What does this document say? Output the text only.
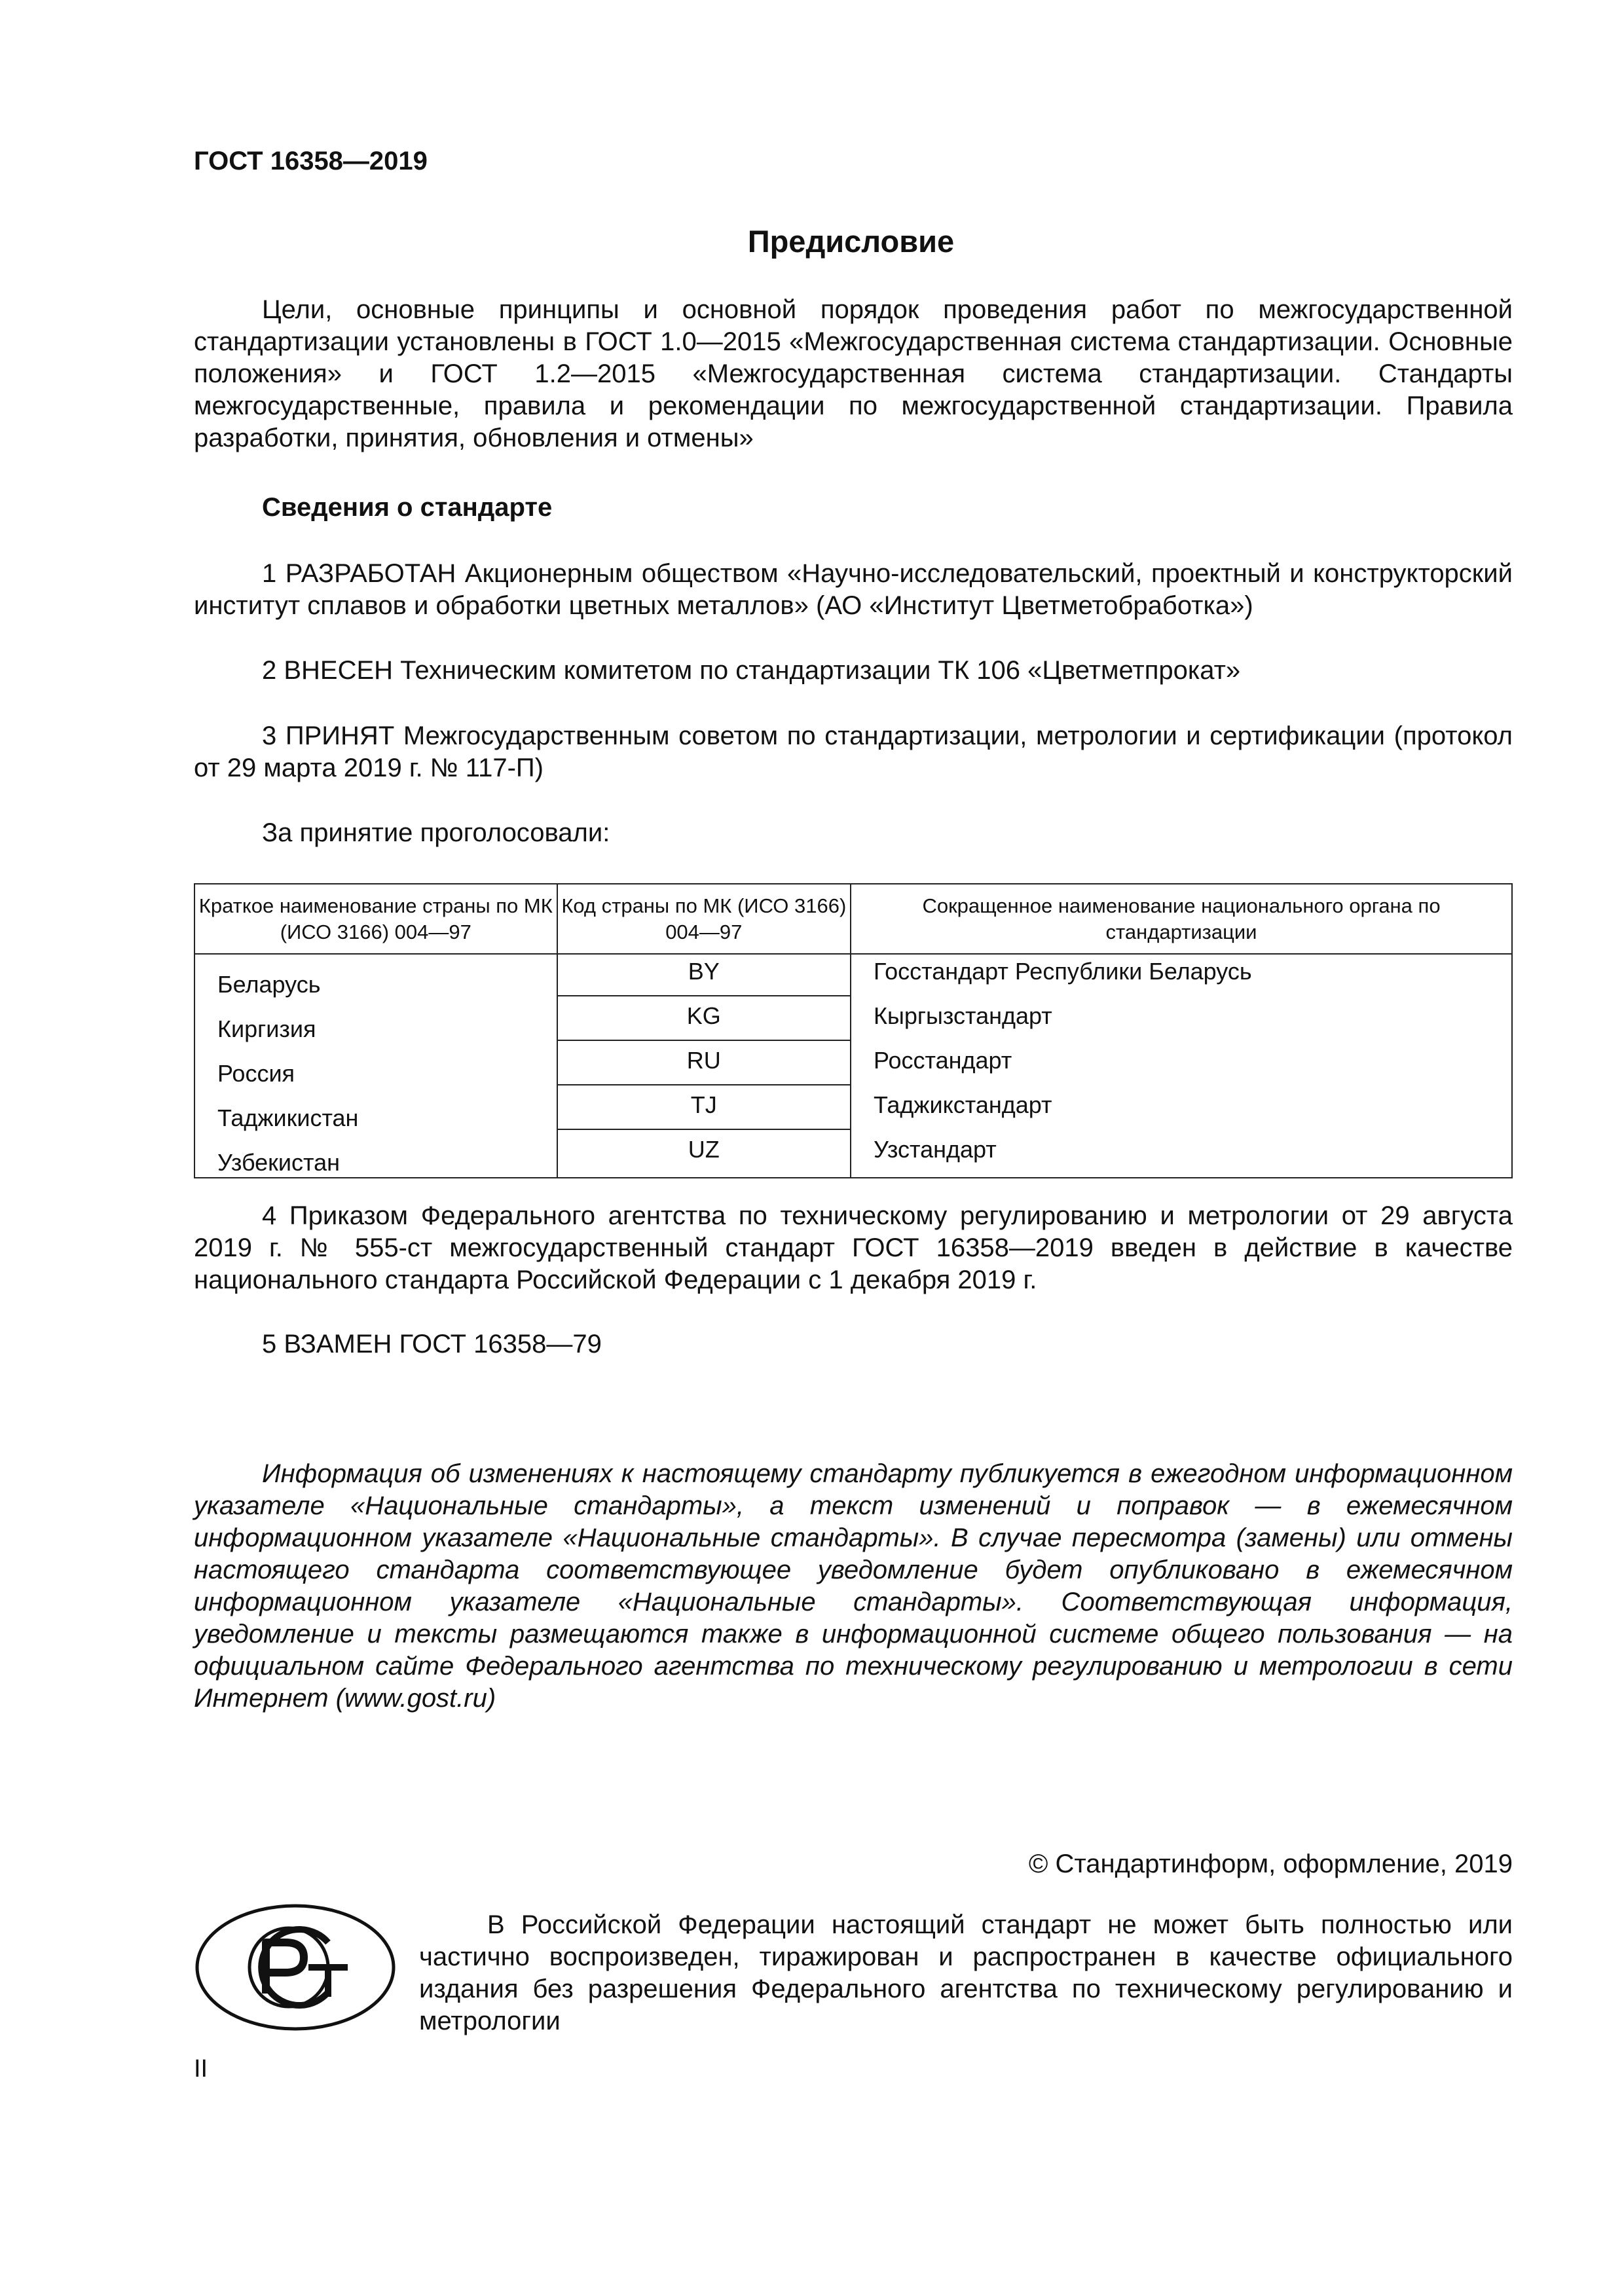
ГОСТ 16358—2019
Предисловие
Цели, основные принципы и основной порядок проведения работ по межгосударственной стандартизации установлены в ГОСТ 1.0—2015 «Межгосударственная система стандартизации. Основные положения» и ГОСТ 1.2—2015 «Межгосударственная система стандартизации. Стандарты межгосударственные, правила и рекомендации по межгосударственной стандартизации. Правила разработки, принятия, обновления и отмены»
Сведения о стандарте
1 РАЗРАБОТАН Акционерным обществом «Научно-исследовательский, проектный и конструкторский институт сплавов и обработки цветных металлов» (АО «Институт Цветметобработка»)
2 ВНЕСЕН Техническим комитетом по стандартизации ТК 106 «Цветметпрокат»
3 ПРИНЯТ Межгосударственным советом по стандартизации, метрологии и сертификации (протокол от 29 марта 2019 г. № 117-П)
За принятие проголосовали:
Краткое наименование страны по МК (ИСО 3166) 004—97	Код страны по МК (ИСО 3166) 004—97	Сокращенное наименование национального органа по стандартизации
Беларусь	BY	Госстандарт Республики Беларусь
Киргизия	KG	Кыргызстандарт
Россия	RU	Росстандарт
Таджикистан	TJ	Таджикстандарт
Узбекистан	UZ	Узстандарт
4 Приказом Федерального агентства по техническому регулированию и метрологии от 29 августа 2019 г. № 555-ст межгосударственный стандарт ГОСТ 16358—2019 введен в действие в качестве национального стандарта Российской Федерации с 1 декабря 2019 г.
5 ВЗАМЕН ГОСТ 16358—79
Информация об изменениях к настоящему стандарту публикуется в ежегодном информационном указателе «Национальные стандарты», а текст изменений и поправок — в ежемесячном информационном указателе «Национальные стандарты». В случае пересмотра (замены) или отмены настоящего стандарта соответствующее уведомление будет опубликовано в ежемесячном информационном указателе «Национальные стандарты». Соответствующая информация, уведомление и тексты размещаются также в информационной системе общего пользования — на официальном сайте Федерального агентства по техническому регулированию и метрологии в сети Интернет (www.gost.ru)
© Стандартинформ, оформление, 2019
В Российской Федерации настоящий стандарт не может быть полностью или частично воспроизведен, тиражирован и распространен в качестве официального издания без разрешения Федерального агентства по техническому регулированию и метрологии
II
